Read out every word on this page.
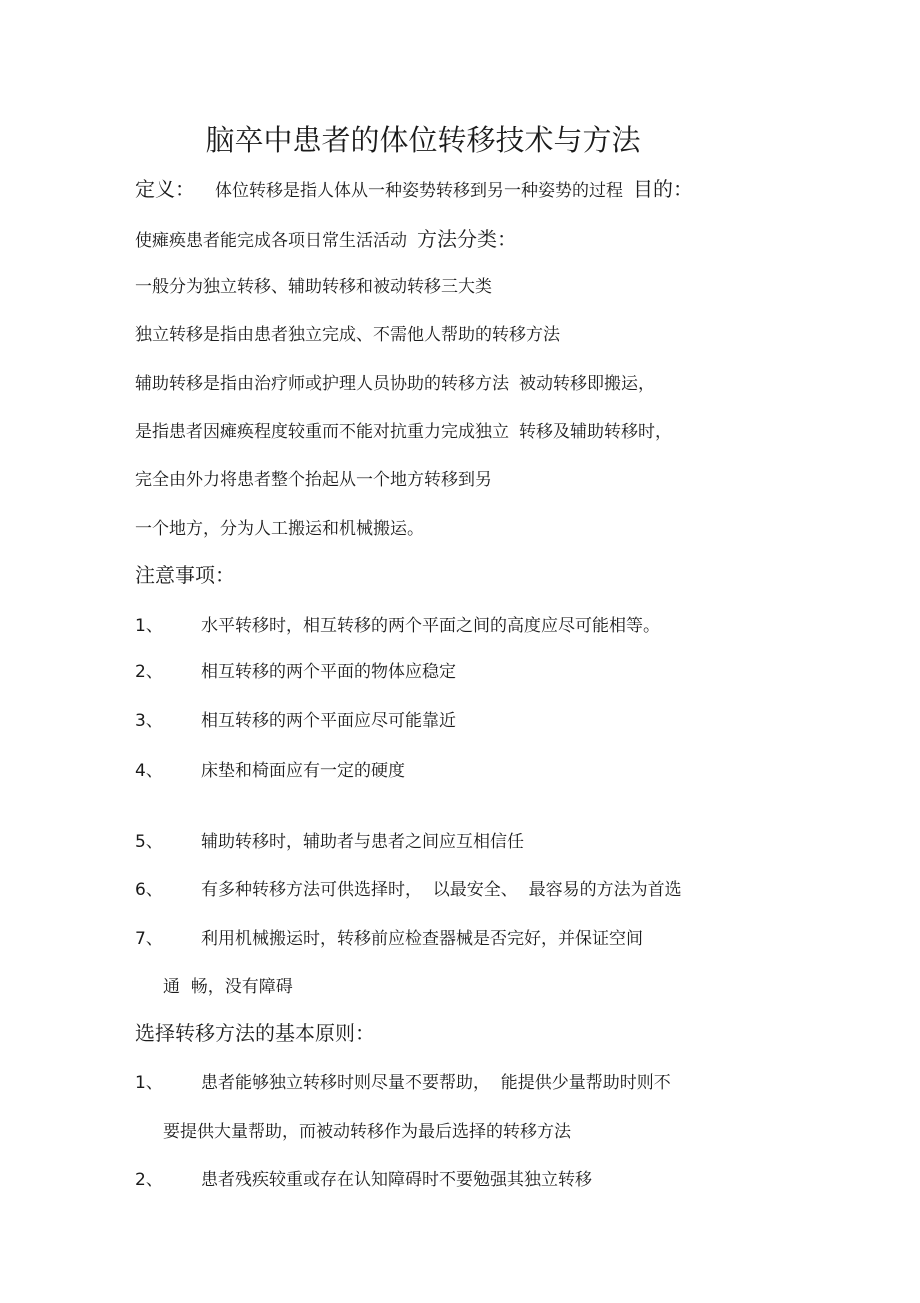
脑卒中患者的体位转移技术与方法
定义： 体位转移是指人体从一种姿势转移到另一种姿势的过程 目的：
使瘫痪患者能完成各项日常生活活动 方法分类：
一般分为独立转移、辅助转移和被动转移三大类
独立转移是指由患者独立完成、不需他人帮助的转移方法
辅助转移是指由治疗师或护理人员协助的转移方法 被动转移即搬运，
是指患者因瘫痪程度较重而不能对抗重力完成独立 转移及辅助转移时，
完全由外力将患者整个抬起从一个地方转移到另
一个地方，分为人工搬运和机械搬运。
注意事项：
1、 水平转移时，相互转移的两个平面之间的高度应尽可能相等。
2、 相互转移的两个平面的物体应稳定
3、 相互转移的两个平面应尽可能靠近
4、 床垫和椅面应有一定的硬度
5、 辅助转移时，辅助者与患者之间应互相信任
6、 有多种转移方法可供选择时，  以最安全、  最容易的方法为首选
7、 利用机械搬运时，转移前应检查器械是否完好，并保证空间
通  畅，没有障碍
选择转移方法的基本原则：
1、 患者能够独立转移时则尽量不要帮助，  能提供少量帮助时则不
要提供大量帮助，而被动转移作为最后选择的转移方法
2、 患者残疾较重或存在认知障碍时不要勉强其独立转移
